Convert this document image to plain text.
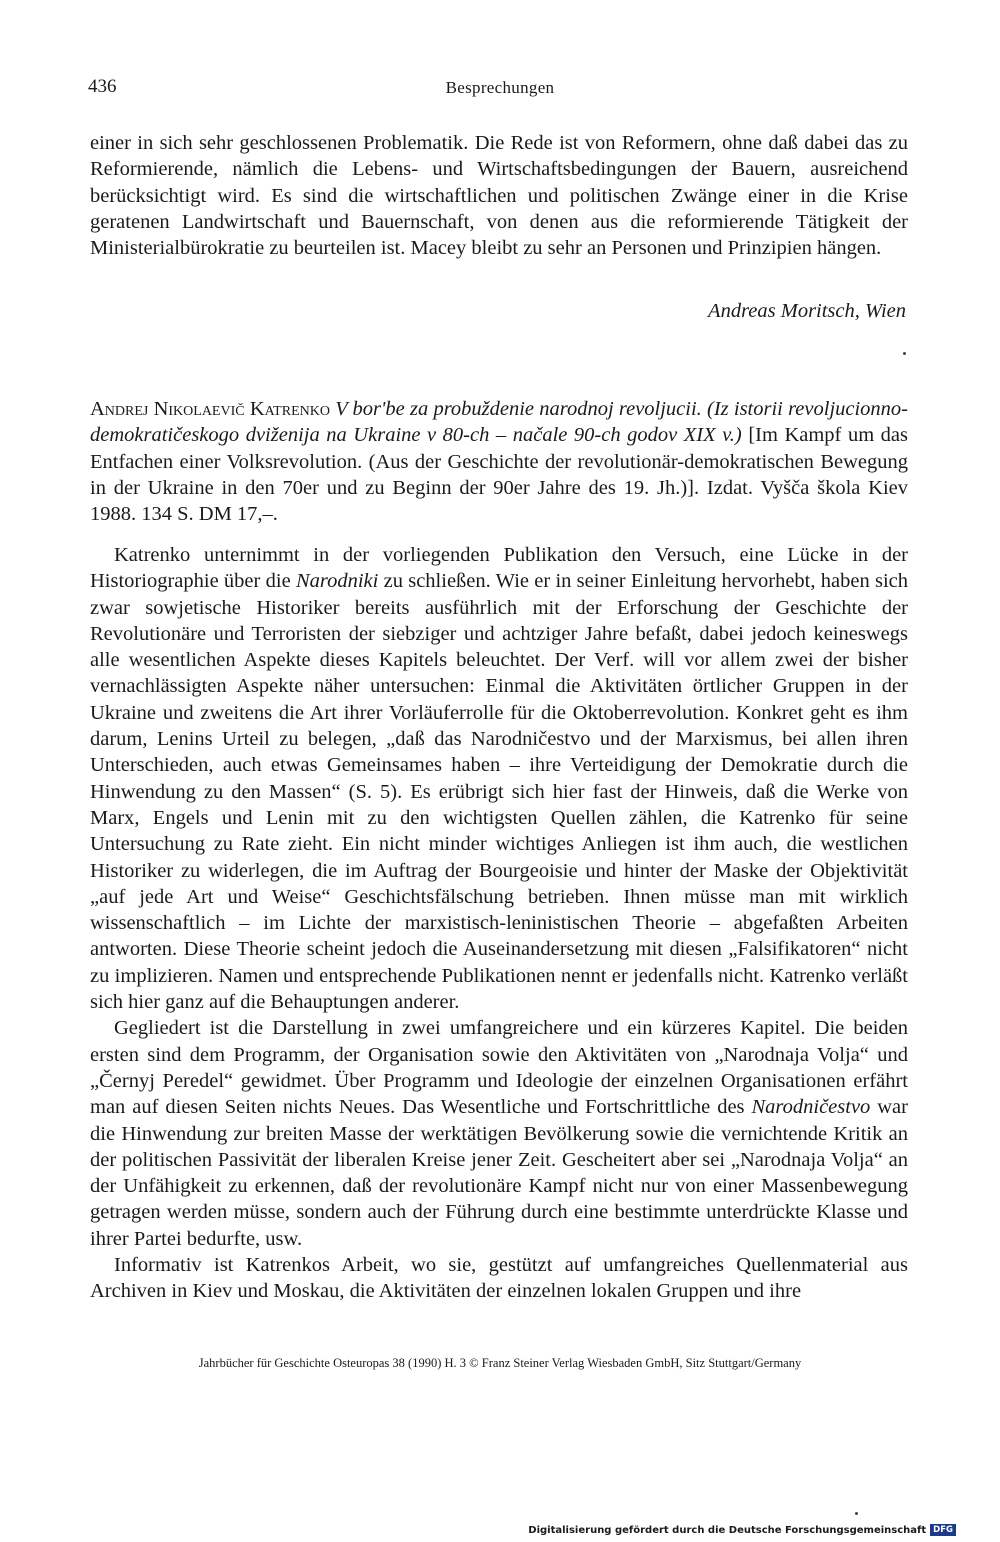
436	Besprechungen

einer in sich sehr geschlossenen Problematik. Die Rede ist von Reformern, ohne daß dabei das zu Reformierende, nämlich die Lebens- und Wirtschaftsbedingungen der Bauern, ausreichend berücksichtigt wird. Es sind die wirtschaftlichen und politischen Zwänge einer in die Krise geratenen Landwirtschaft und Bauernschaft, von denen aus die reformierende Tätigkeit der Ministerialbürokratie zu beurteilen ist. Macey bleibt zu sehr an Personen und Prinzipien hängen.

Andreas Moritsch, Wien

Andrej Nikolaevič Katrenko V bor'be za probuždenie narodnoj revoljucii. (Iz istorii revoljucionno-demokratičeskogo dviženija na Ukraine v 80-ch – načale 90-ch godov XIX v.) [Im Kampf um das Entfachen einer Volksrevolution. (Aus der Geschichte der revolutionär-demokratischen Bewegung in der Ukraine in den 70er und zu Beginn der 90er Jahre des 19. Jh.)]. Izdat. Vyšča škola Kiev 1988. 134 S. DM 17,–.

Katrenko unternimmt in der vorliegenden Publikation den Versuch, eine Lücke in der Historiographie über die Narodniki zu schließen. Wie er in seiner Einleitung hervorhebt, haben sich zwar sowjetische Historiker bereits ausführlich mit der Erforschung der Geschichte der Revolutionäre und Terroristen der siebziger und achtziger Jahre befaßt, dabei jedoch keineswegs alle wesentlichen Aspekte dieses Kapitels beleuchtet. Der Verf. will vor allem zwei der bisher vernachlässigten Aspekte näher untersuchen: Einmal die Aktivitäten örtlicher Gruppen in der Ukraine und zweitens die Art ihrer Vorläuferrolle für die Oktoberrevolution. Konkret geht es ihm darum, Lenins Urteil zu belegen, „daß das Narodničestvo und der Marxismus, bei allen ihren Unterschieden, auch etwas Gemeinsames haben – ihre Verteidigung der Demokratie durch die Hinwendung zu den Massen“ (S. 5). Es erübrigt sich hier fast der Hinweis, daß die Werke von Marx, Engels und Lenin mit zu den wichtigsten Quellen zählen, die Katrenko für seine Untersuchung zu Rate zieht. Ein nicht minder wichtiges Anliegen ist ihm auch, die westlichen Historiker zu widerlegen, die im Auftrag der Bourgeoisie und hinter der Maske der Objektivität „auf jede Art und Weise“ Geschichtsfälschung betrieben. Ihnen müsse man mit wirklich wissenschaftlich – im Lichte der marxistisch-leninistischen Theorie – abgefaßten Arbeiten antworten. Diese Theorie scheint jedoch die Auseinandersetzung mit diesen „Falsifikatoren“ nicht zu implizieren. Namen und entsprechende Publikationen nennt er jedenfalls nicht. Katrenko verläßt sich hier ganz auf die Behauptungen anderer.

Gegliedert ist die Darstellung in zwei umfangreichere und ein kürzeres Kapitel. Die beiden ersten sind dem Programm, der Organisation sowie den Aktivitäten von „Narodnaja Volja“ und „Černyj Peredel“ gewidmet. Über Programm und Ideologie der einzelnen Organisationen erfährt man auf diesen Seiten nichts Neues. Das Wesentliche und Fortschrittliche des Narodničestvo war die Hinwendung zur breiten Masse der werktätigen Bevölkerung sowie die vernichtende Kritik an der politischen Passivität der liberalen Kreise jener Zeit. Gescheitert aber sei „Narodnaja Volja“ an der Unfähigkeit zu erkennen, daß der revolutionäre Kampf nicht nur von einer Massenbewegung getragen werden müsse, sondern auch der Führung durch eine bestimmte unterdrückte Klasse und ihrer Partei bedurfte, usw.

Informativ ist Katrenkos Arbeit, wo sie, gestützt auf umfangreiches Quellenmaterial aus Archiven in Kiev und Moskau, die Aktivitäten der einzelnen lokalen Gruppen und ihre

Jahrbücher für Geschichte Osteuropas 38 (1990) H. 3 © Franz Steiner Verlag Wiesbaden GmbH, Sitz Stuttgart/Germany
Digitalisierung gefördert durch die Deutsche Forschungsgemeinschaft DFG
